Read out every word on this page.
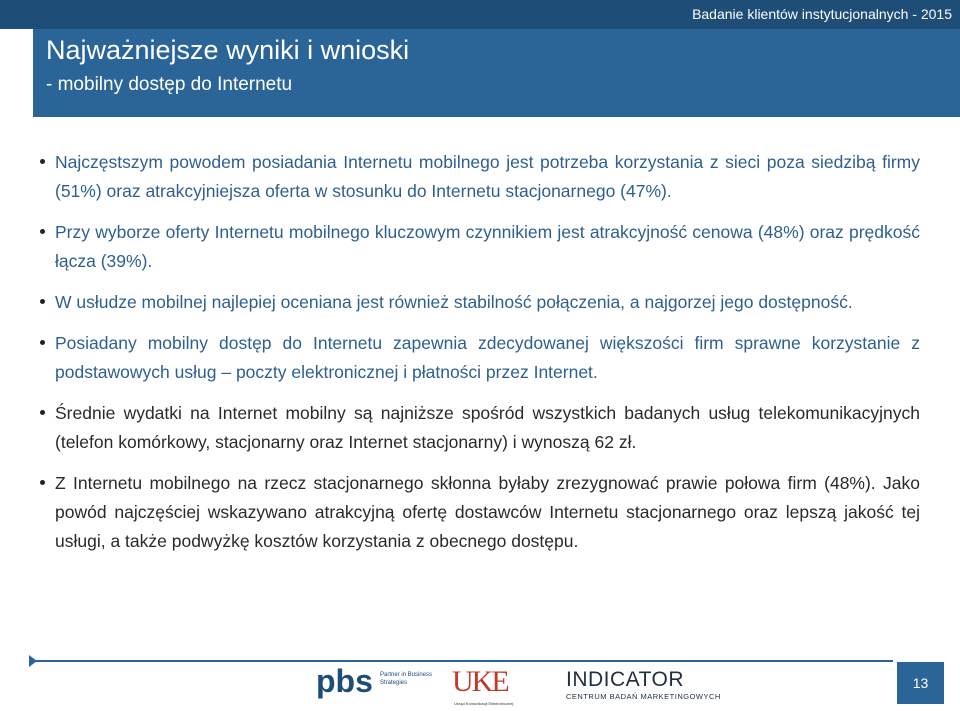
Badanie klientów instytucjonalnych - 2015
Najważniejsze wyniki i wnioski
- mobilny dostęp do Internetu
Najczęstszym powodem posiadania Internetu mobilnego jest potrzeba korzystania z sieci poza siedzibą firmy (51%) oraz atrakcyjniejsza oferta w stosunku do Internetu stacjonarnego (47%).
Przy wyborze oferty Internetu mobilnego kluczowym czynnikiem jest atrakcyjność cenowa (48%) oraz prędkość łącza (39%).
W usłudze mobilnej najlepiej oceniana jest również stabilność połączenia, a najgorzej jego dostępność.
Posiadany mobilny dostęp do Internetu zapewnia zdecydowanej większości firm sprawne korzystanie z podstawowych usług – poczty elektronicznej i płatności przez Internet.
Średnie wydatki na Internet mobilny są najniższe spośród wszystkich badanych usług telekomunikacyjnych (telefon komórkowy, stacjonarny oraz Internet stacjonarny) i wynoszą 62 zł.
Z Internetu mobilnego na rzecz stacjonarnego skłonna byłaby zrezygnować prawie połowa firm (48%). Jako powód najczęściej wskazywano atrakcyjną ofertę dostawców Internetu stacjonarnego oraz lepszą jakość tej usługi, a także podwyżkę kosztów korzystania z obecnego dostępu.
pbs Partner in Business Strategies	UKE
Urząd Komunikacji Elektronicznej
INDICATOR
CENTRUM BADAŃ MARKETINGOWYCH
13
